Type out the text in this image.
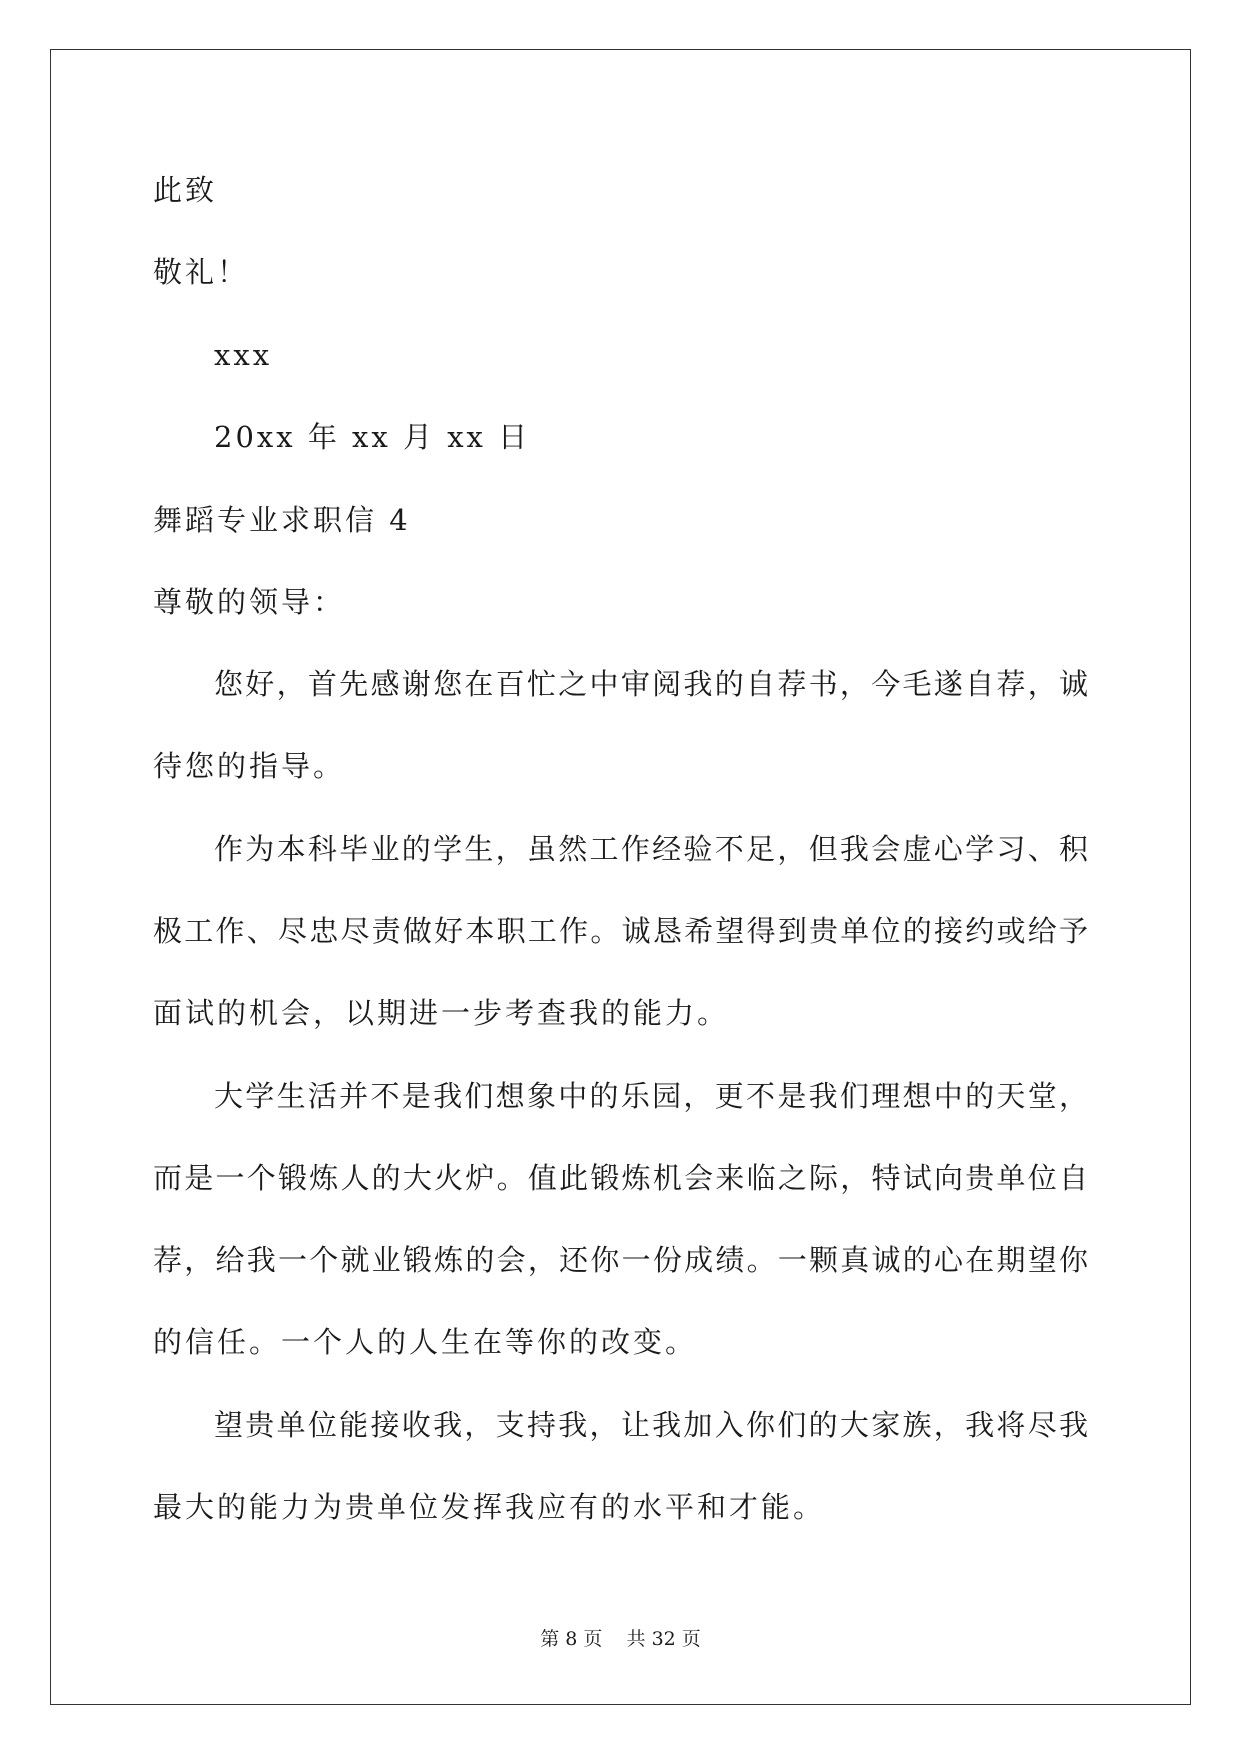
此致
敬礼！
xxx
20xx 年 xx 月 xx 日
舞蹈专业求职信 4
尊敬的领导：
您好，首先感谢您在百忙之中审阅我的自荐书，今毛遂自荐，诚
待您的指导。
作为本科毕业的学生，虽然工作经验不足，但我会虚心学习、积
极工作、尽忠尽责做好本职工作。诚恳希望得到贵单位的接约或给予
面试的机会，以期进一步考查我的能力。
大学生活并不是我们想象中的乐园，更不是我们理想中的天堂，
而是一个锻炼人的大火炉。值此锻炼机会来临之际，特试向贵单位自
荐，给我一个就业锻炼的会，还你一份成绩。一颗真诚的心在期望你
的信任。一个人的人生在等你的改变。
望贵单位能接收我，支持我，让我加入你们的大家族，我将尽我
最大的能力为贵单位发挥我应有的水平和才能。
第 8 页    共 32 页
